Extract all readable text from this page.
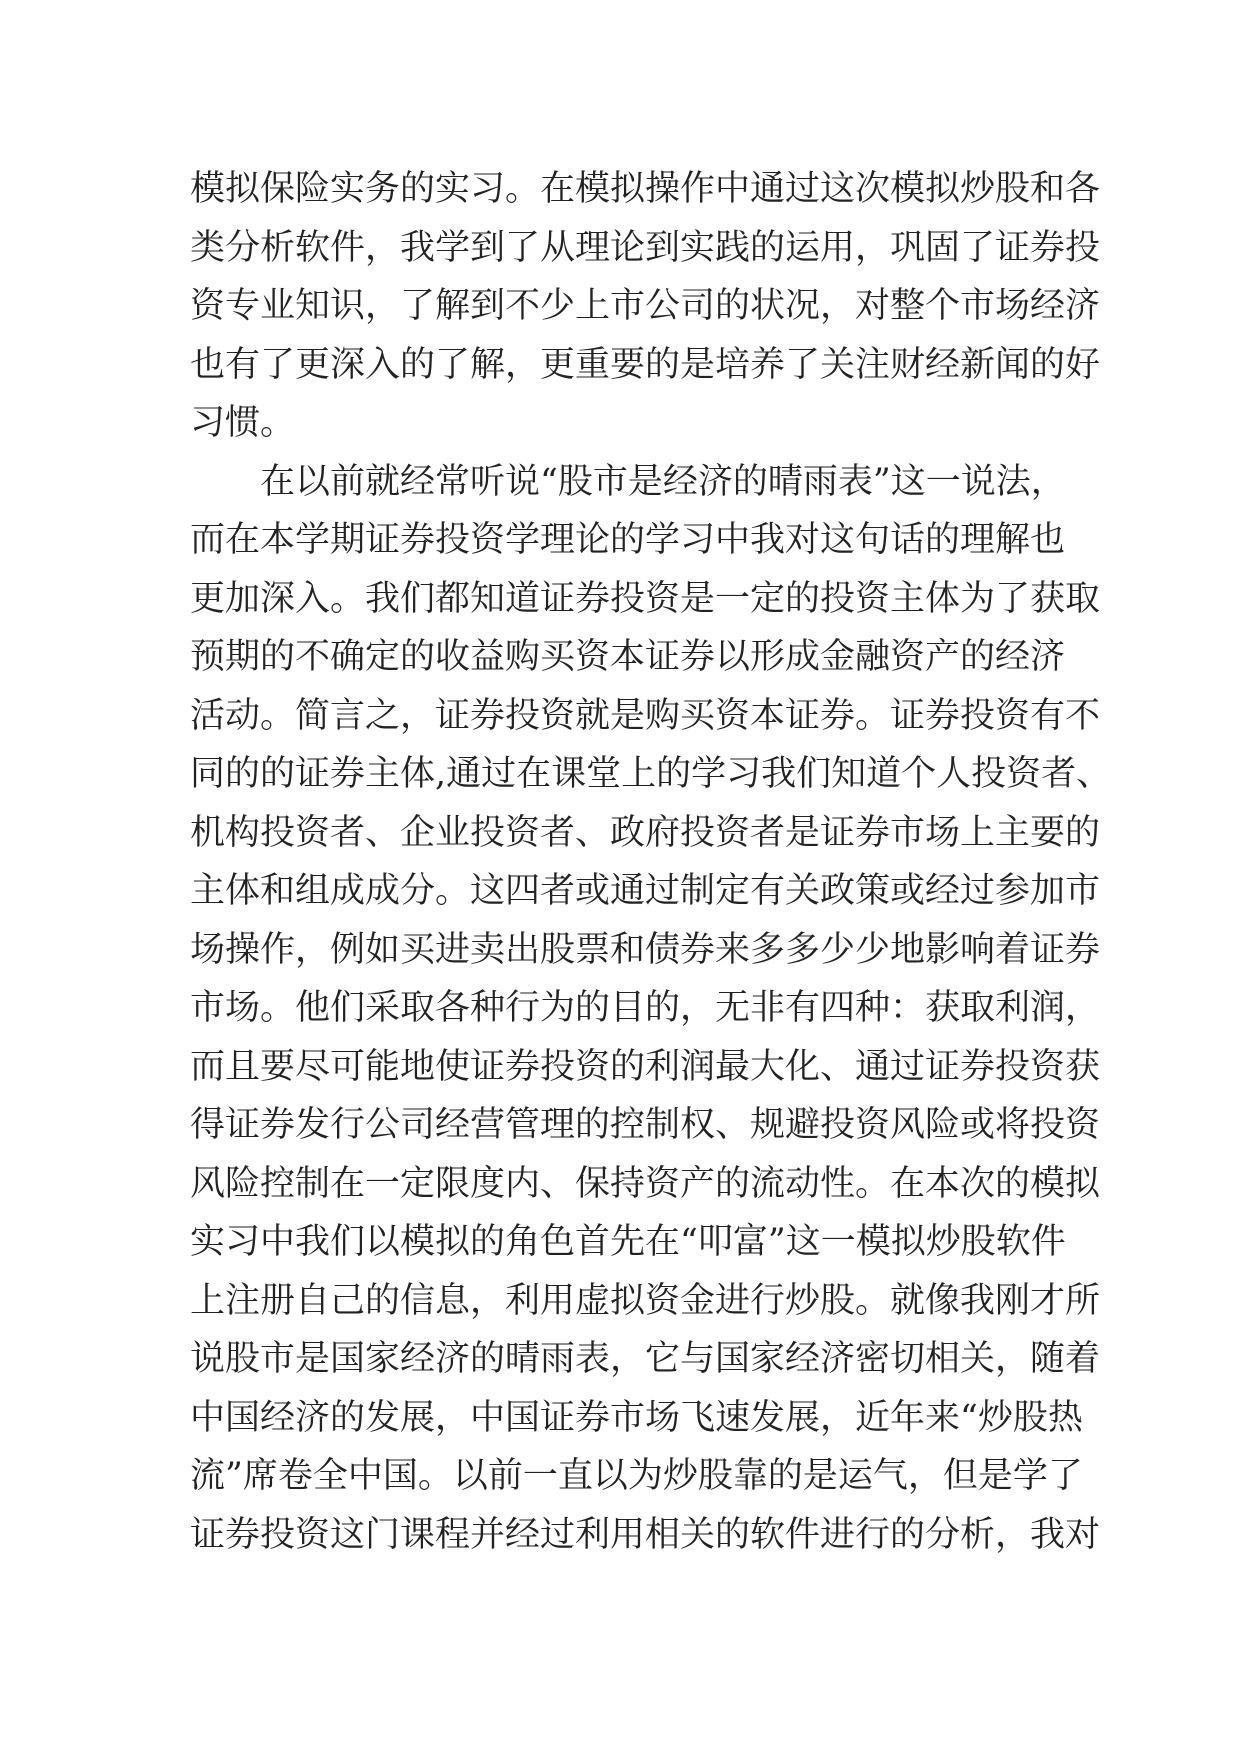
模拟保险实务的实习。在模拟操作中通过这次模拟炒股和各
类分析软件，我学到了从理论到实践的运用，巩固了证券投
资专业知识，了解到不少上市公司的状况，对整个市场经济
也有了更深入的了解，更重要的是培养了关注财经新闻的好
习惯。
在以前就经常听说“股市是经济的晴雨表”这一说法，
而在本学期证券投资学理论的学习中我对这句话的理解也
更加深入。我们都知道证券投资是一定的投资主体为了获取
预期的不确定的收益购买资本证券以形成金融资产的经济
活动。简言之，证券投资就是购买资本证券。证券投资有不
同的的证券主体,通过在课堂上的学习我们知道个人投资者、
机构投资者、企业投资者、政府投资者是证券市场上主要的
主体和组成成分。这四者或通过制定有关政策或经过参加市
场操作，例如买进卖出股票和债券来多多少少地影响着证券
市场。他们采取各种行为的目的，无非有四种：获取利润，
而且要尽可能地使证券投资的利润最大化、通过证券投资获
得证券发行公司经营管理的控制权、规避投资风险或将投资
风险控制在一定限度内、保持资产的流动性。在本次的模拟
实习中我们以模拟的角色首先在“叩富”这一模拟炒股软件
上注册自己的信息，利用虚拟资金进行炒股。就像我刚才所
说股市是国家经济的晴雨表，它与国家经济密切相关，随着
中国经济的发展，中国证券市场飞速发展，近年来“炒股热
流”席卷全中国。以前一直以为炒股靠的是运气，但是学了
证券投资这门课程并经过利用相关的软件进行的分析，我对
